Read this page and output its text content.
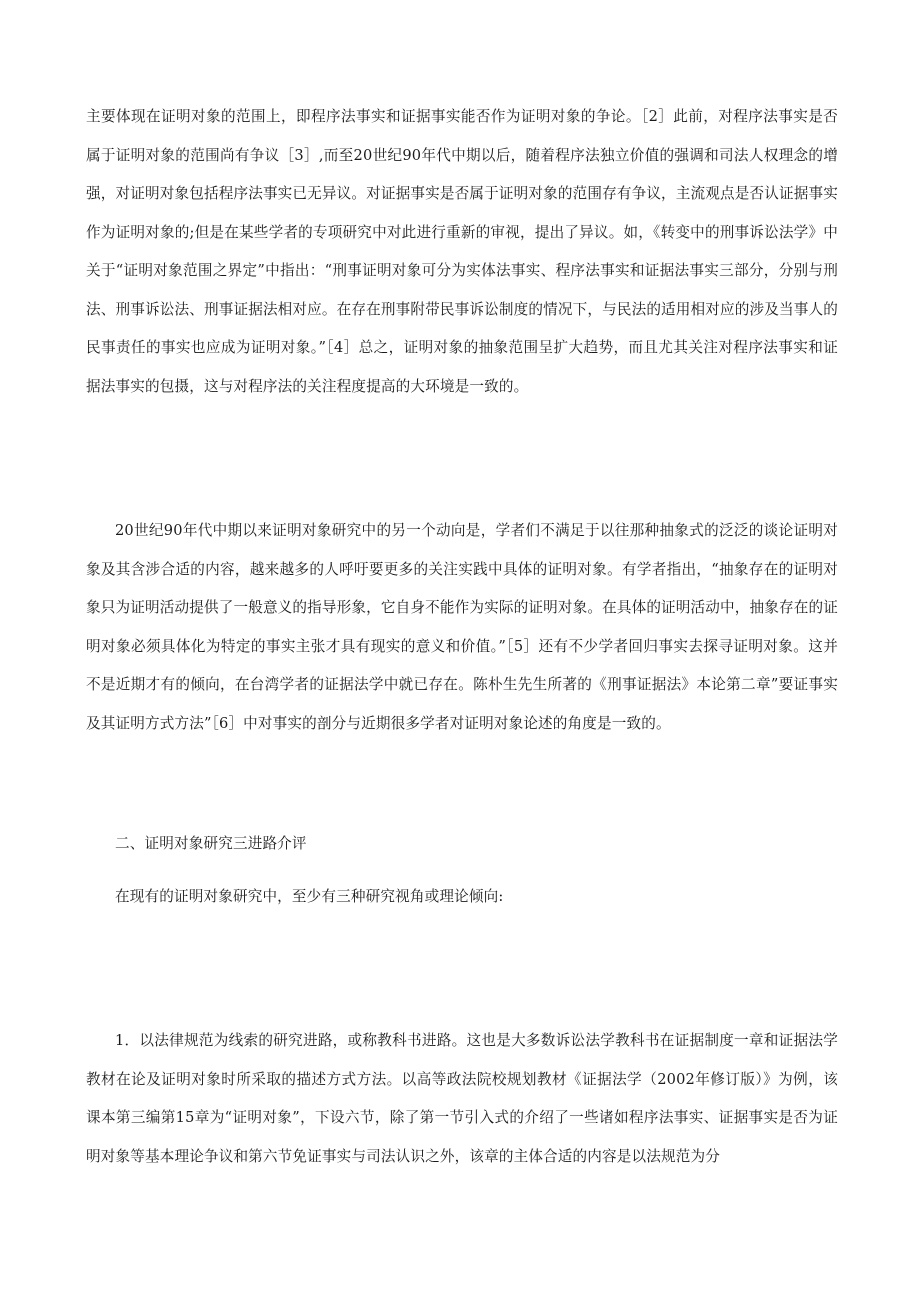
主要体现在证明对象的范围上，即程序法事实和证据事实能否作为证明对象的争论。［2］此前，对程序法事实是否属于证明对象的范围尚有争议［3］,而至20世纪90年代中期以后，随着程序法独立价值的强调和司法人权理念的增强，对证明对象包括程序法事实已无异议。对证据事实是否属于证明对象的范围存有争议，主流观点是否认证据事实作为证明对象的;但是在某些学者的专项研究中对此进行重新的审视，提出了异议。如，《转变中的刑事诉讼法学》中关于“证明对象范围之界定”中指出：“刑事证明对象可分为实体法事实、程序法事实和证据法事实三部分，分别与刑法、刑事诉讼法、刑事证据法相对应。在存在刑事附带民事诉讼制度的情况下，与民法的适用相对应的涉及当事人的民事责任的事实也应成为证明对象。”［4］总之，证明对象的抽象范围呈扩大趋势，而且尤其关注对程序法事实和证据法事实的包摄，这与对程序法的关注程度提高的大环境是一致的。

20世纪90年代中期以来证明对象研究中的另一个动向是，学者们不满足于以往那种抽象式的泛泛的谈论证明对象及其含涉合适的内容，越来越多的人呼吁要更多的关注实践中具体的证明对象。有学者指出，“抽象存在的证明对象只为证明活动提供了一般意义的指导形象，它自身不能作为实际的证明对象。在具体的证明活动中，抽象存在的证明对象必须具体化为特定的事实主张才具有现实的意义和价值。”［5］还有不少学者回归事实去探寻证明对象。这并不是近期才有的倾向，在台湾学者的证据法学中就已存在。陈朴生先生所著的《刑事证据法》本论第二章”要证事实及其证明方式方法”［6］中对事实的剖分与近期很多学者对证明对象论述的角度是一致的。

二、证明对象研究三进路介评

在现有的证明对象研究中，至少有三种研究视角或理论倾向:

1．以法律规范为线索的研究进路，或称教科书进路。这也是大多数诉讼法学教科书在证据制度一章和证据法学教材在论及证明对象时所采取的描述方式方法。以高等政法院校规划教材《证据法学（2002年修订版）》为例，该课本第三编第15章为“证明对象”，下设六节，除了第一节引入式的介绍了一些诸如程序法事实、证据事实是否为证明对象等基本理论争议和第六节免证事实与司法认识之外，该章的主体合适的内容是以法规范为分
